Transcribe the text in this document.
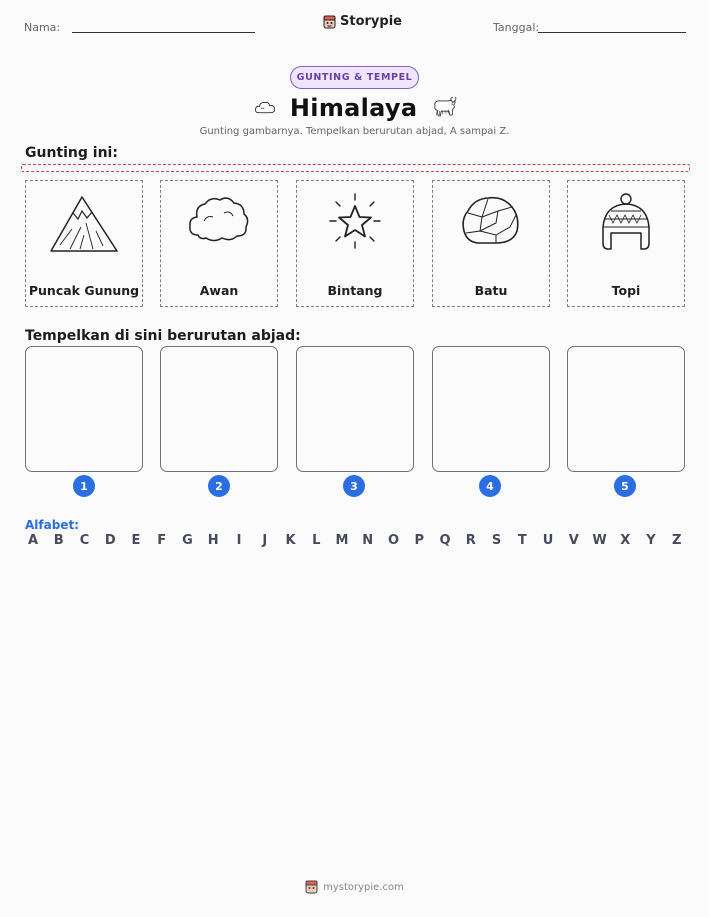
Nama:	Storypie	Tanggal:
GUNTING & TEMPEL
Himalaya
Gunting gambarnya. Tempelkan berurutan abjad, A sampai Z.
Gunting ini:
Puncak Gunung	Awan	Bintang	Batu	Topi
Tempelkan di sini berurutan abjad:
1	2	3	4	5
Alfabet:
A	B	C	D	E	F	G H	I	J	K	L	M N O	P	Q	R	S	T	U	V	W	X	Y	Z
mystorypie.com
